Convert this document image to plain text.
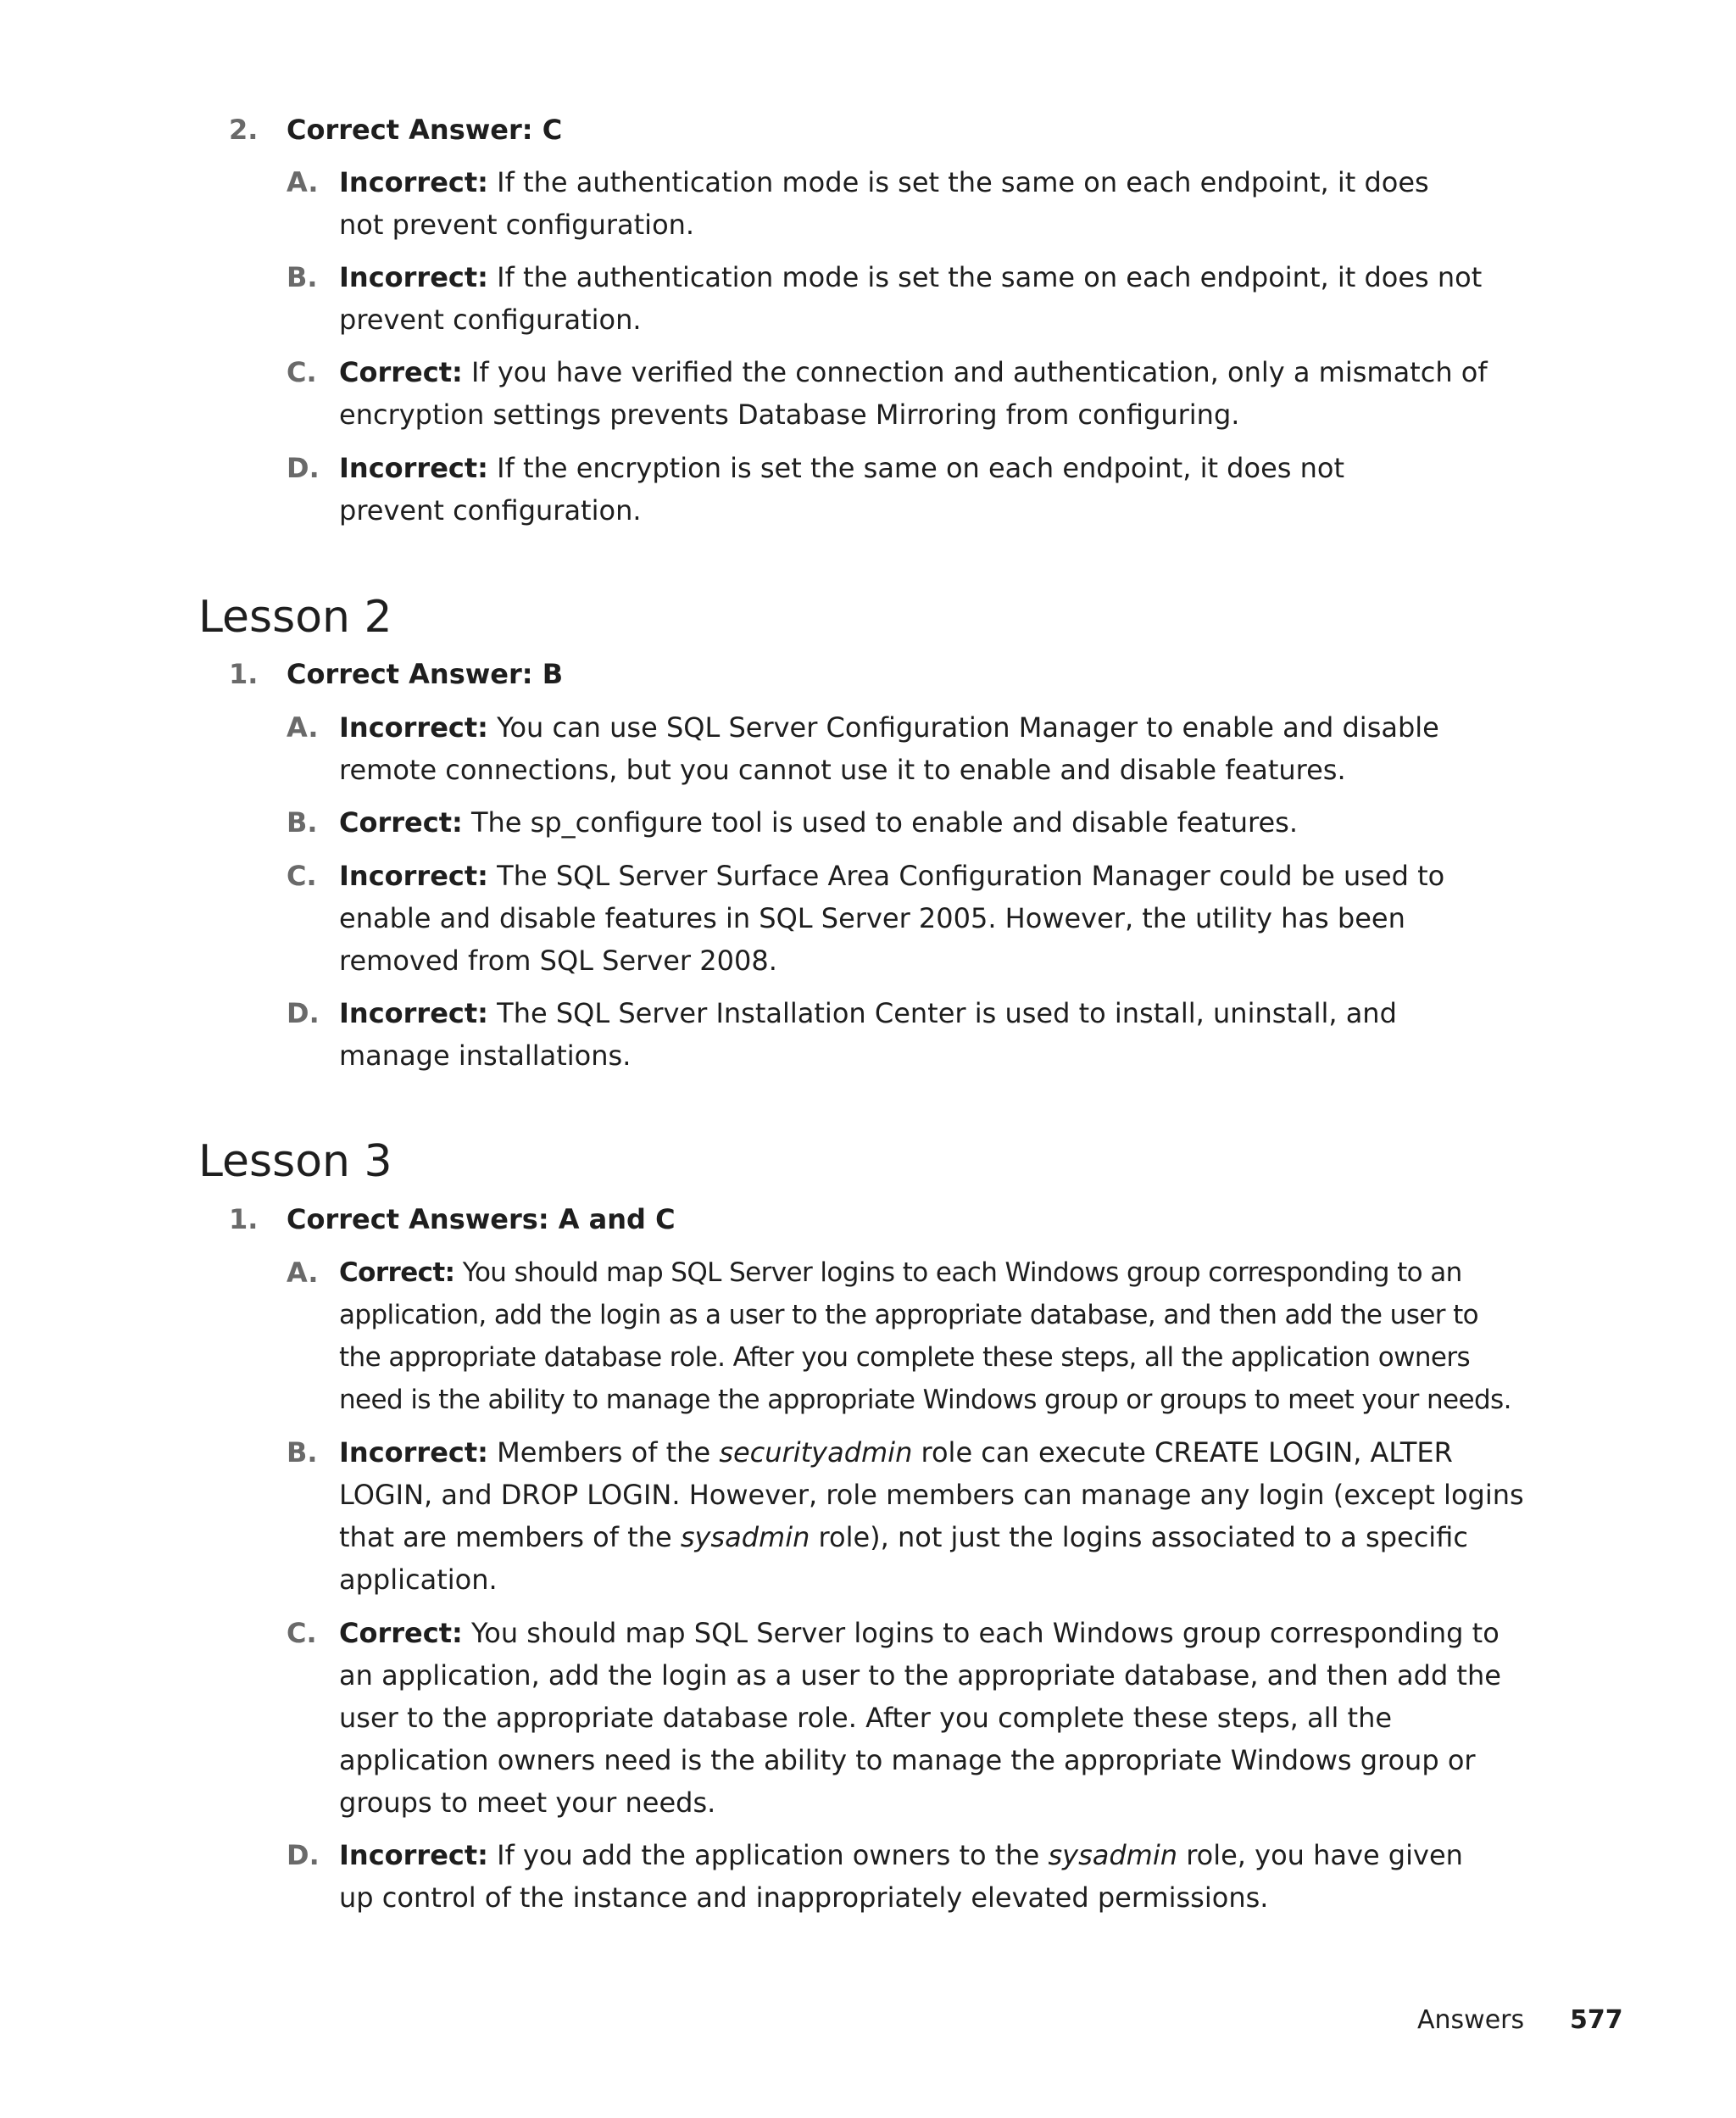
2.	Correct Answer: C
A. Incorrect: If the authentication mode is set the same on each endpoint, it does not prevent configuration.
B. Incorrect: If the authentication mode is set the same on each endpoint, it does not prevent configuration.
C. Correct: If you have verified the connection and authentication, only a mismatch of encryption settings prevents Database Mirroring from configuring.
D. Incorrect: If the encryption is set the same on each endpoint, it does not prevent configuration.
Lesson 2
1.	Correct Answer: B
A. Incorrect: You can use SQL Server Configuration Manager to enable and disable remote connections, but you cannot use it to enable and disable features.
B. Correct: The sp_configure tool is used to enable and disable features.
C. Incorrect: The SQL Server Surface Area Configuration Manager could be used to enable and disable features in SQL Server 2005. However, the utility has been removed from SQL Server 2008.
D. Incorrect: The SQL Server Installation Center is used to install, uninstall, and manage installations.
Lesson 3
1.	Correct Answers: A and C
A. Correct: You should map SQL Server logins to each Windows group corresponding to an application, add the login as a user to the appropriate database, and then add the user to the appropriate database role. After you complete these steps, all the application owners need is the ability to manage the appropriate Windows group or groups to meet your needs.
B. Incorrect: Members of the securityadmin role can execute CREATE LOGIN, ALTER LOGIN, and DROP LOGIN. However, role members can manage any login (except logins that are members of the sysadmin role), not just the logins associated to a specific application.
C. Correct: You should map SQL Server logins to each Windows group corresponding to an application, add the login as a user to the appropriate database, and then add the user to the appropriate database role. After you complete these steps, all the application owners need is the ability to manage the appropriate Windows group or groups to meet your needs.
D. Incorrect: If you add the application owners to the sysadmin role, you have given up control of the instance and inappropriately elevated permissions.
Answers 577
